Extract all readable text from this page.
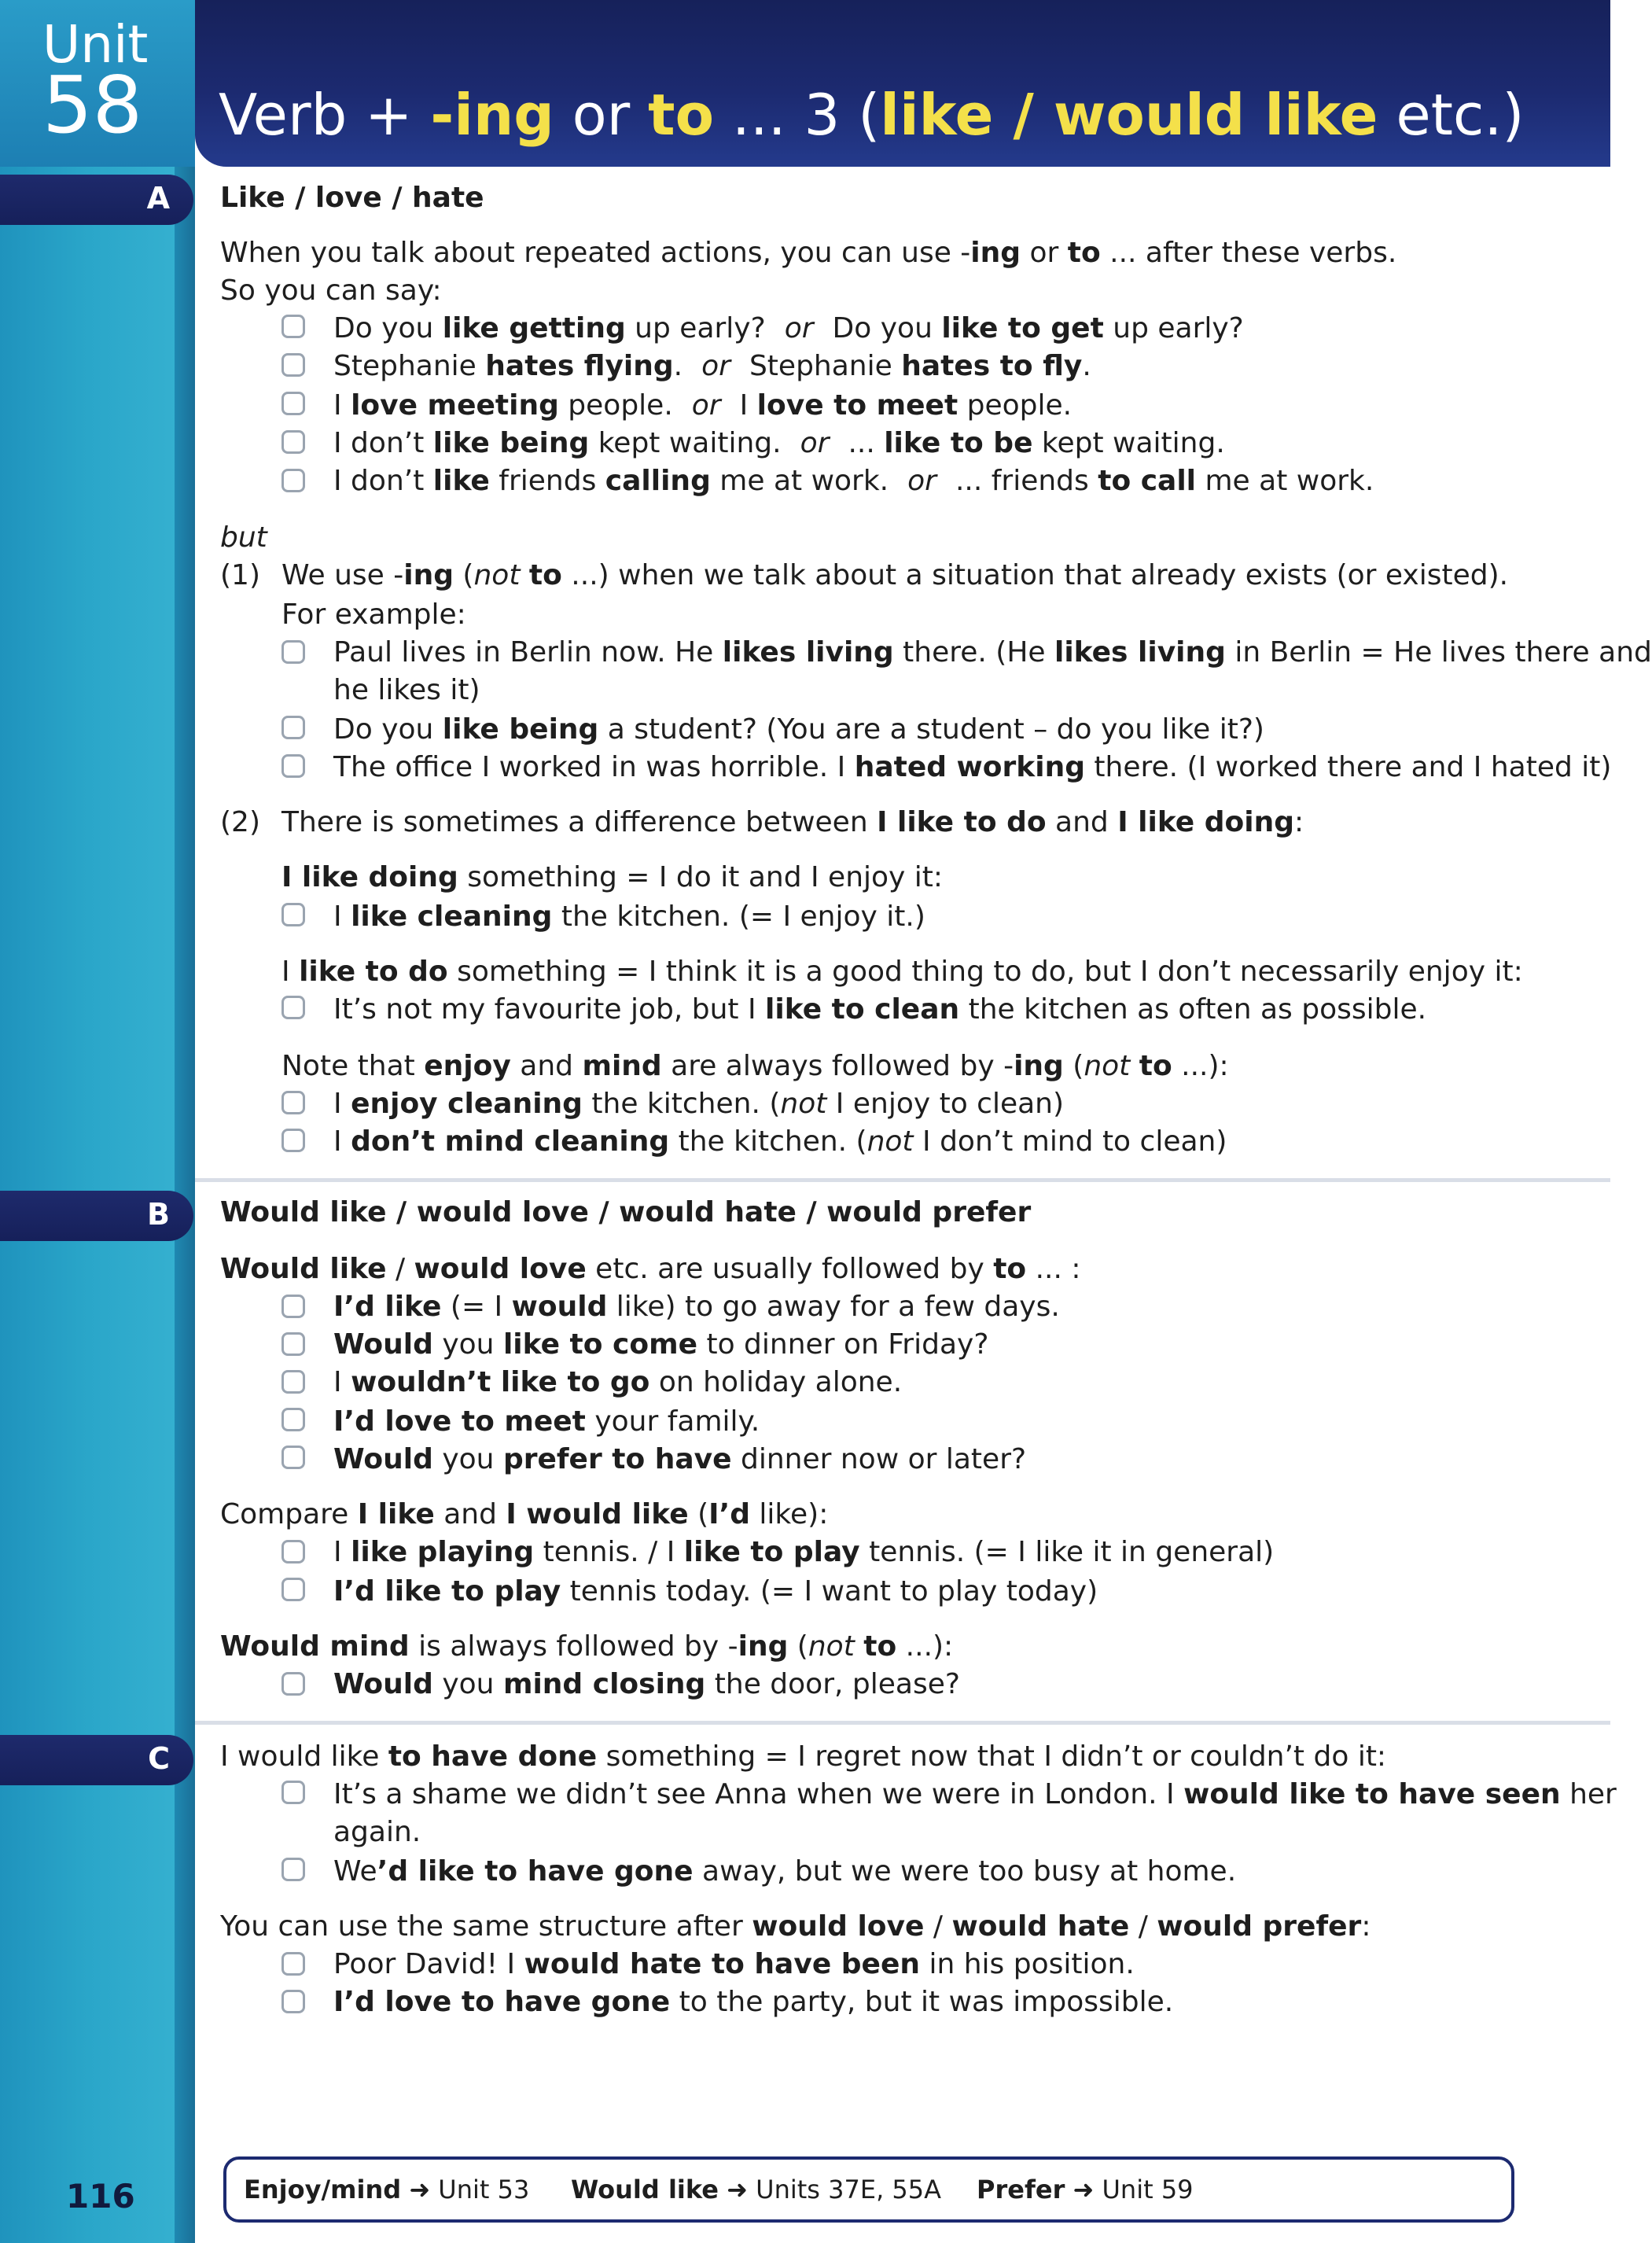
Unit
58 Verb + -ing or to ... 3 (like / would like etc.)
A
B
C
Like / love / hate
When you talk about repeated actions, you can use -ing or to ... after these verbs.
So you can say:
Do you like getting up early? or Do you like to get up early?
Stephanie hates flying. or Stephanie hates to fly.
I love meeting people. or I love to meet people.
I don’t like being kept waiting. or ... like to be kept waiting.
I don’t like friends calling me at work. or ... friends to call me at work.
but
(1) We use -ing (not to ...) when we talk about a situation that already exists (or existed).
For example:
Paul lives in Berlin now. He likes living there. (He likes living in Berlin = He lives there and
he likes it)
Do you like being a student? (You are a student – do you like it?)
The office I worked in was horrible. I hated working there. (I worked there and I hated it)
(2) There is sometimes a difference between I like to do and I like doing:
I like doing something = I do it and I enjoy it:
I like cleaning the kitchen. (= I enjoy it.)
I like to do something = I think it is a good thing to do, but I don’t necessarily enjoy it:
It’s not my favourite job, but I like to clean the kitchen as often as possible.
Note that enjoy and mind are always followed by -ing (not to ...):
I enjoy cleaning the kitchen. (not I enjoy to clean)
I don’t mind cleaning the kitchen. (not I don’t mind to clean)
Would like / would love / would hate / would prefer
Would like / would love etc. are usually followed by to ... :
I’d like (= I would like) to go away for a few days.
Would you like to come to dinner on Friday?
I wouldn’t like to go on holiday alone.
I’d love to meet your family.
Would you prefer to have dinner now or later?
Compare I like and I would like (I’d like):
I like playing tennis. / I like to play tennis. (= I like it in general)
I’d like to play tennis today. (= I want to play today)
Would mind is always followed by -ing (not to ...):
Would you mind closing the door, please?
I would like to have done something = I regret now that I didn’t or couldn’t do it:
It’s a shame we didn’t see Anna when we were in London. I would like to have seen her
again.
We’d like to have gone away, but we were too busy at home.
You can use the same structure after would love / would hate / would prefer:
Poor David! I would hate to have been in his position.
I’d love to have gone to the party, but it was impossible.
116	Enjoy/mind ➜ Unit 53 Would like ➜ Units 37E, 55A Prefer ➜ Unit 59
